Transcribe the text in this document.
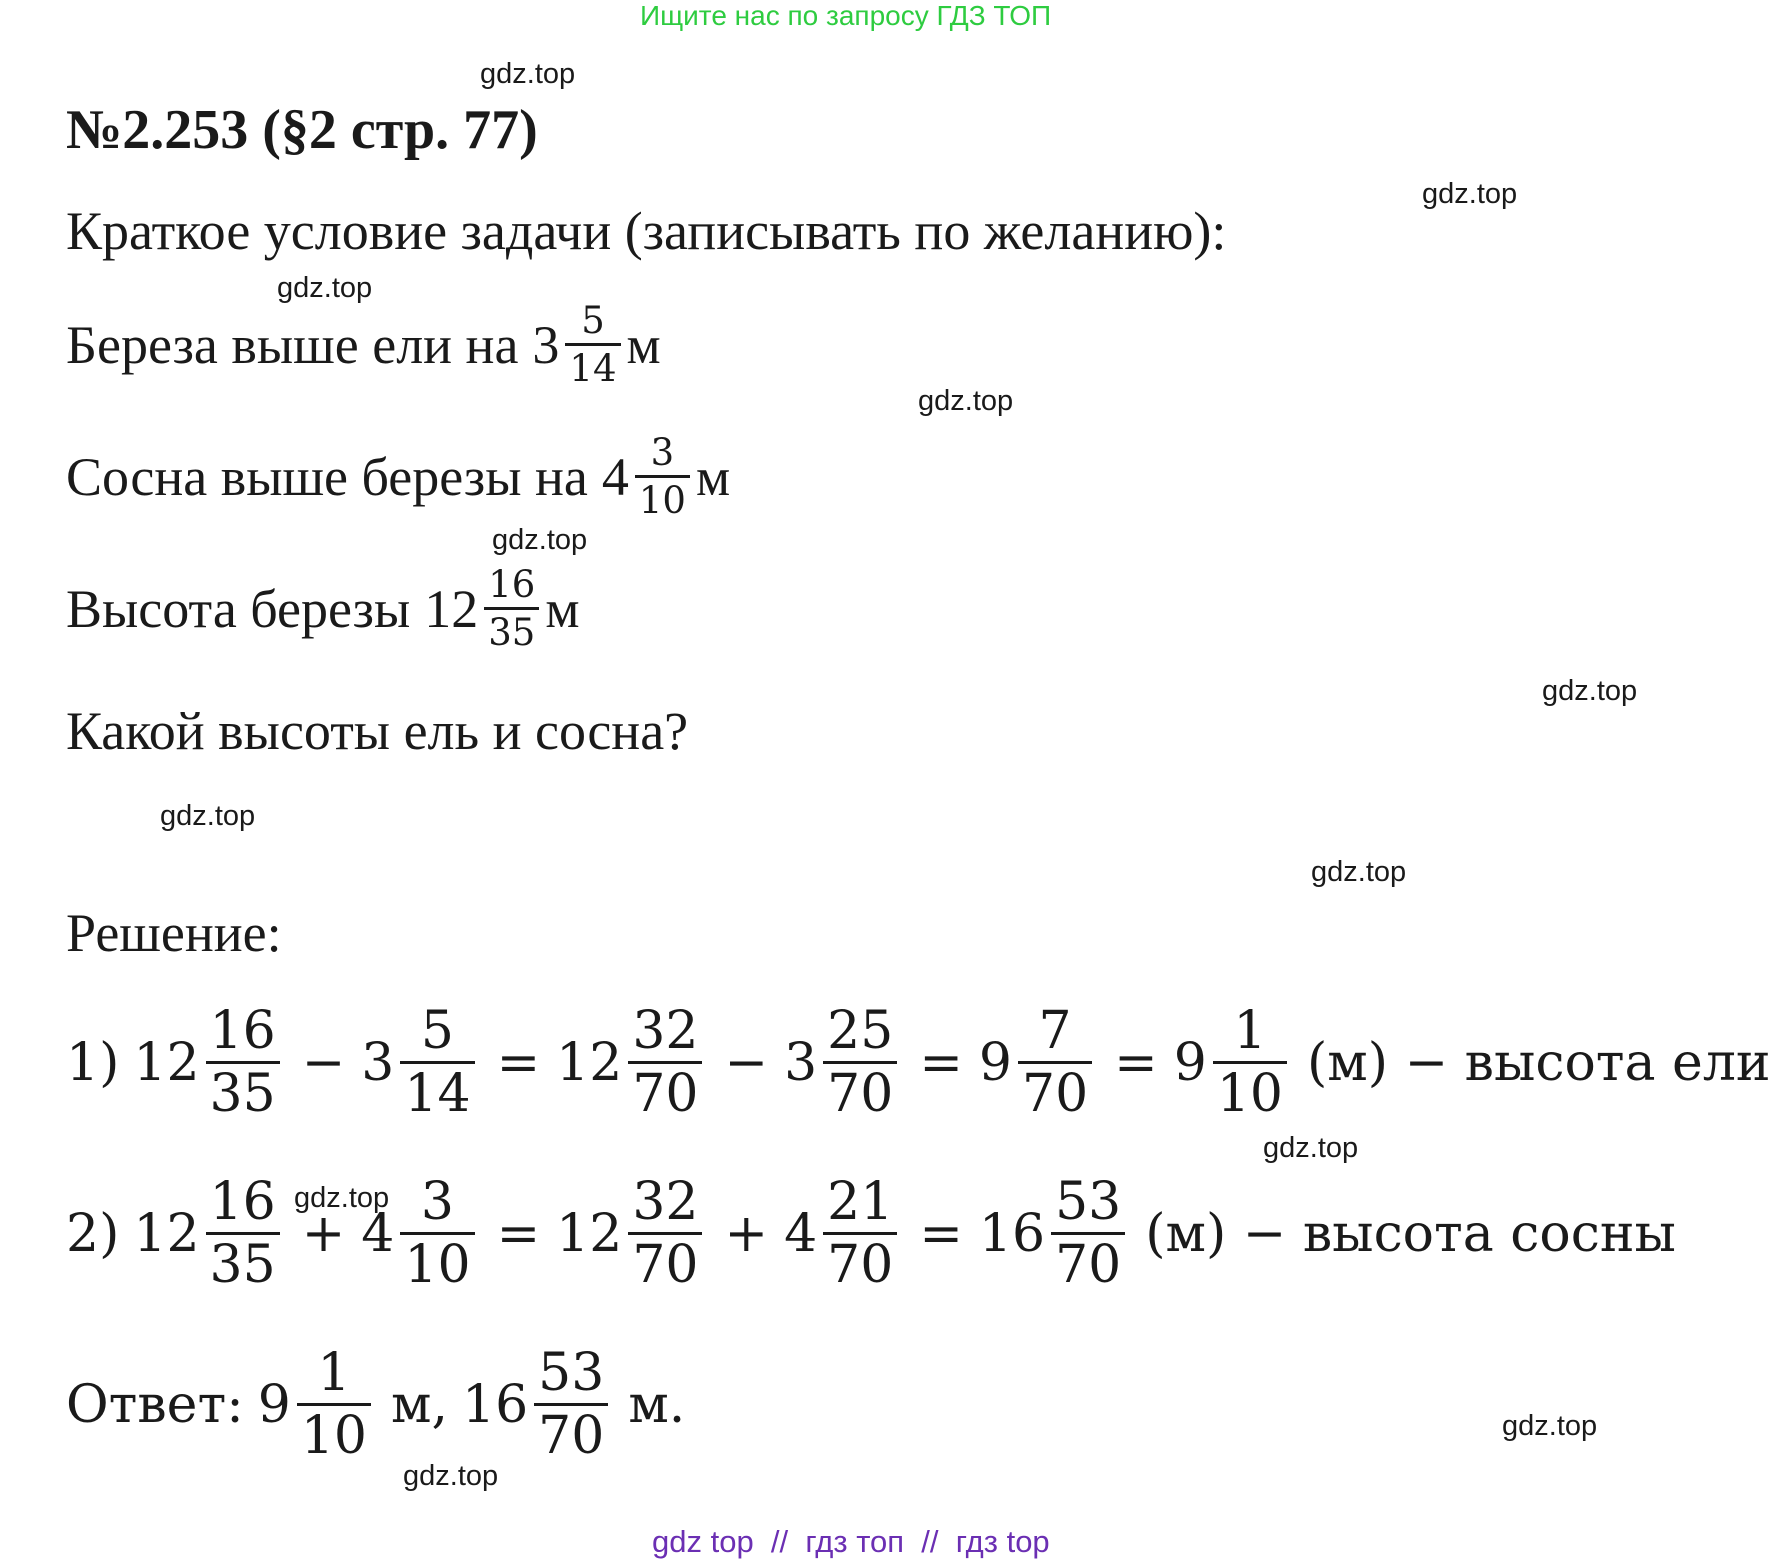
Ищите нас по запросу ГДЗ ТОП
gdz.top
gdz.top
gdz.top
gdz.top
gdz.top
gdz.top
gdz.top
gdz.top
gdz.top
gdz.top
gdz.top
gdz.top
№2.253 (§2 стр. 77)
Краткое условие задачи (записывать по желанию):
Береза выше ели на $3 \frac{5}{14}$ м
Сосна выше березы на $4 \frac{3}{10}$ м
Высота березы $12 \frac{16}{35}$ м
Какой высоты ель и сосна?
Решение:
1) $12 \frac{16}{35} - 3 \frac{5}{14} = 12 \frac{32}{70} - 3 \frac{25}{70} = 9 \frac{7}{70} = 9 \frac{1}{10} (м)$ − высота ели
2) $12 \frac{16}{35} + 4 \frac{3}{10} = 12 \frac{32}{70} + 4 \frac{21}{70} = 16 \frac{53}{70} (м)$ − высота сосны
Ответ: $9 \frac{1}{10} м$, $16 \frac{53}{70} м$.
gdz top  //  гдз топ  //  гдз top
